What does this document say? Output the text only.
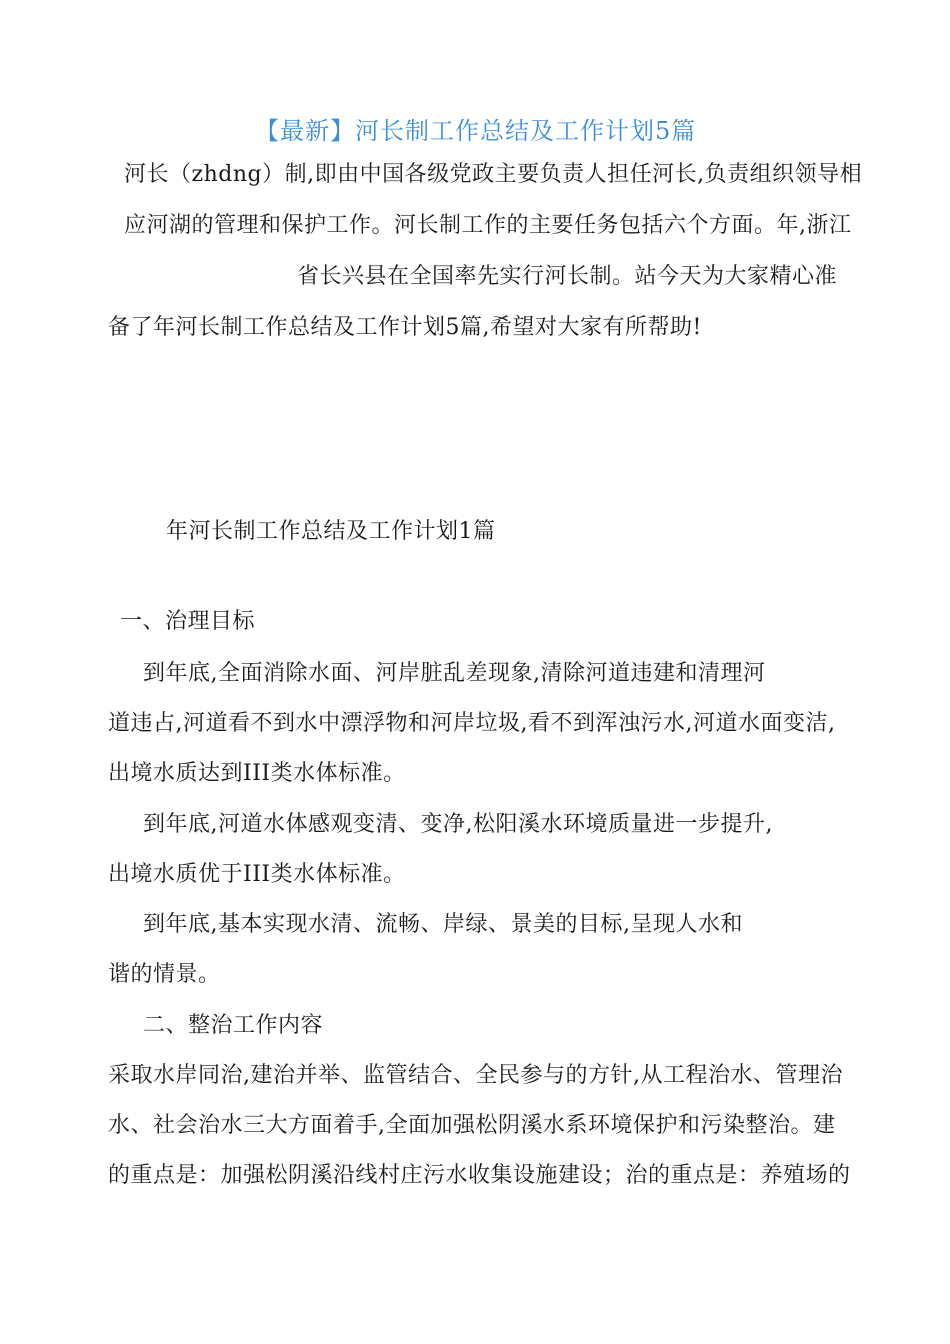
【最新】河长制工作总结及工作计划5篇
河长（zhdng）制,即由中国各级党政主要负责人担任河长,负责组织领导相
应河湖的管理和保护工作。河长制工作的主要任务包括六个方面。年,浙江
省长兴县在全国率先实行河长制。站今天为大家精心准
备了年河长制工作总结及工作计划5篇,希望对大家有所帮助!
年河长制工作总结及工作计划1篇
一、治理目标
到年底,全面消除水面、河岸脏乱差现象,清除河道违建和清理河
道违占,河道看不到水中漂浮物和河岸垃圾,看不到浑浊污水,河道水面变洁,
出境水质达到III类水体标准。
到年底,河道水体感观变清、变净,松阳溪水环境质量进一步提升,
出境水质优于III类水体标准。
到年底,基本实现水清、流畅、岸绿、景美的目标,呈现人水和
谐的情景。
二、整治工作内容
采取水岸同治,建治并举、监管结合、全民参与的方针,从工程治水、管理治
水、社会治水三大方面着手,全面加强松阴溪水系环境保护和污染整治。建
的重点是：加强松阴溪沿线村庄污水收集设施建设；治的重点是：养殖场的
